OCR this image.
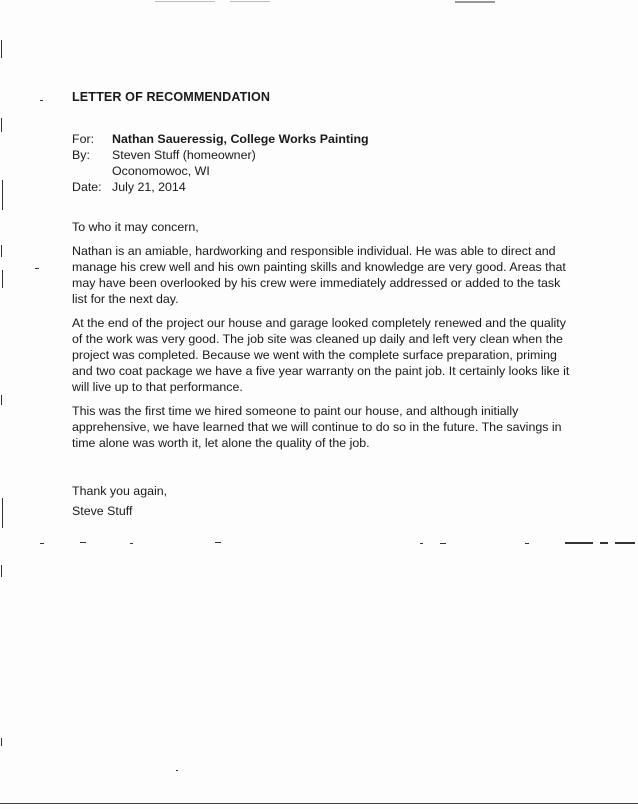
LETTER OF RECOMMENDATION
For:	Nathan Saueressig, College Works Painting
By:	Steven Stuff (homeowner)
Oconomowoc, WI
Date: July 21, 2014
To who it may concern,

Nathan is an amiable, hardworking and responsible individual. He was able to direct and manage his crew well and his own painting skills and knowledge are very good. Areas that may have been overlooked by his crew were immediately addressed or added to the task list for the next day.

At the end of the project our house and garage looked completely renewed and the quality of the work was very good. The job site was cleaned up daily and left very clean when the project was completed. Because we went with the complete surface preparation, priming and two coat package we have a five year warranty on the paint job. It certainly looks like it will live up to that performance.

This was the first time we hired someone to paint our house, and although initially apprehensive, we have learned that we will continue to do so in the future. The savings in time alone was worth it, let alone the quality of the job.

Thank you again,
Steve Stuff
